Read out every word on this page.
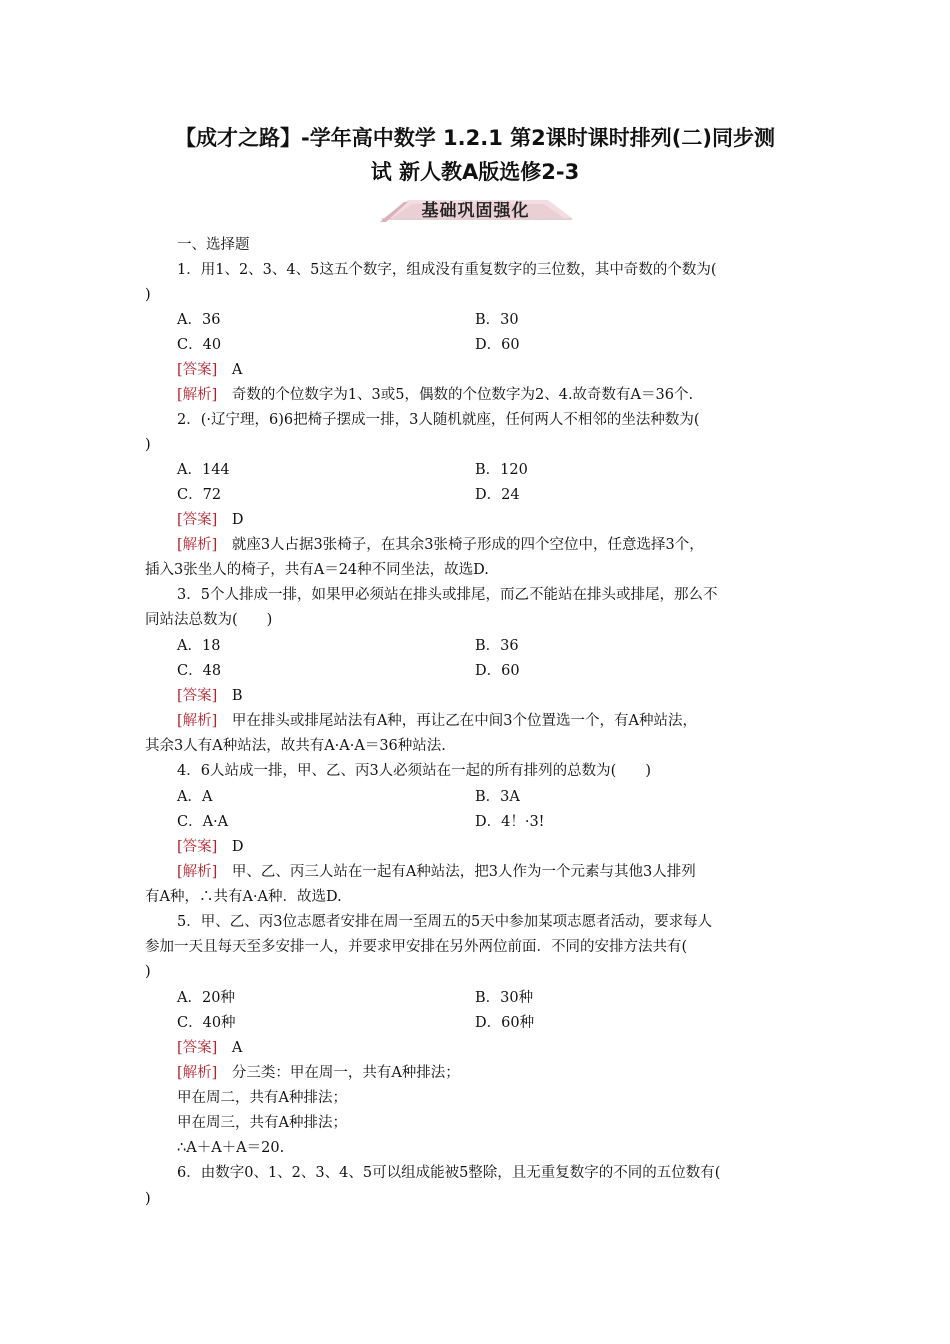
【成才之路】-学年高中数学 1.2.1 第2课时课时排列(二)同步测
试 新人教A版选修2-3
基础巩固强化
一、选择题
1．用1、2、3、4、5这五个数字，组成没有重复数字的三位数，其中奇数的个数为(
)
A．36	B．30
C．40	D．60
[答案]　 A
[解析]　 奇数的个位数字为1、3或5，偶数的个位数字为2、4.故奇数有A＝36个.
2．(·辽宁理，6)6把椅子摆成一排，3人随机就座，任何两人不相邻的坐法种数为(
)
A．144	B．120
C．72	D．24
[答案]　 D
[解析]　 就座3人占据3张椅子，在其余3张椅子形成的四个空位中，任意选择3个，
插入3张坐人的椅子，共有A＝24种不同坐法，故选D.
3．5个人排成一排，如果甲必须站在排头或排尾，而乙不能站在排头或排尾，那么不
同站法总数为(　　)
A．18	B．36
C．48	D．60
[答案]　 B
[解析]　 甲在排头或排尾站法有A种，再让乙在中间3个位置选一个，有A种站法，
其余3人有A种站法，故共有A·A·A＝36种站法.
4．6人站成一排，甲、乙、丙3人必须站在一起的所有排列的总数为(　　)
A．A	B．3A
C．A·A	D．4！·3!
[答案]　 D
[解析]　 甲、乙、丙三人站在一起有A种站法，把3人作为一个元素与其他3人排列
有A种，∴共有A·A种．故选D.
5．甲、乙、丙3位志愿者安排在周一至周五的5天中参加某项志愿者活动，要求每人
参加一天且每天至多安排一人，并要求甲安排在另外两位前面．不同的安排方法共有(
)
A．20种	B．30种
C．40种	D．60种
[答案]　 A
[解析]　 分三类：甲在周一，共有A种排法；
甲在周二，共有A种排法；
甲在周三，共有A种排法；
∴A＋A＋A＝20.
6．由数字0、1、2、3、4、5可以组成能被5整除，且无重复数字的不同的五位数有(
)
